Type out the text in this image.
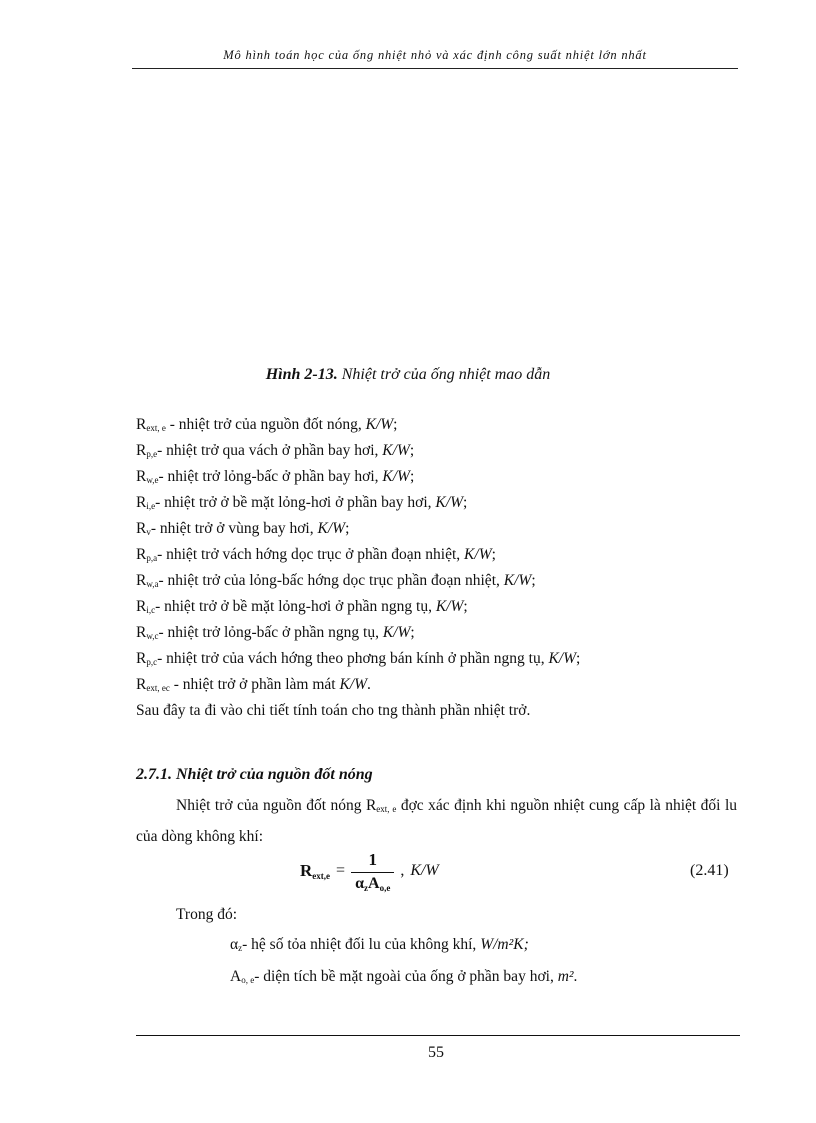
Mô hình toán học của ống nhiệt nhỏ và xác định công suất nhiệt lớn nhất
Hình 2-13. Nhiệt trở của ống nhiệt mao dẫn
$R_{ext, e}$ - nhiệt trở của nguồn đốt nóng, K/W;
$R_{p,e}-$ nhiệt trở qua vách ở phần bay hơi, K/W;
$R_{w,e}-$ nhiệt trở lỏng-bấc ở phần bay hơi, K/W;
$R_{i,e}-$ nhiệt trở ở bề mặt lỏng-hơi ở phần bay hơi, K/W;
$R_v-$ nhiệt trở ở vùng bay hơi, K/W;
$R_{p,a}-$ nhiệt trở vách hớng dọc trục ở phần đoạn nhiệt, K/W;
$R_{w,a}-$ nhiệt trở của lỏng-bấc hớng dọc trục phần đoạn nhiệt, K/W;
$R_{i,c}-$ nhiệt trở ở bề mặt lỏng-hơi ở phần ngng tụ, K/W;
$R_{w,c}-$ nhiệt trở lỏng-bấc ở phần ngng tụ, K/W;
$R_{p,c}-$ nhiệt trở của vách hớng theo phơng bán kính ở phần ngng tụ, K/W;
$R_{ext, ec}$ - nhiệt trở ở phần làm mát K/W.
Sau đây ta đi vào chi tiết tính toán cho tng thành phần nhiệt trở.
2.7.1. Nhiệt trở của nguồn đốt nóng
Nhiệt trở của nguồn đốt nóng $R_{ext, e}$ đợc xác định khi nguồn nhiệt cung cấp là nhiệt đối lu của dòng không khí:
$R_{ext,e} = \frac{1}{\alpha_zA_{o,e}}$ , K/W	(2.41)
Trong đó:
$\alpha_z-$ hệ số tỏa nhiệt đối lu của không khí, W/m²K;
$A_{o, e}-$ diện tích bề mặt ngoài của ống ở phần bay hơi, m².
55
